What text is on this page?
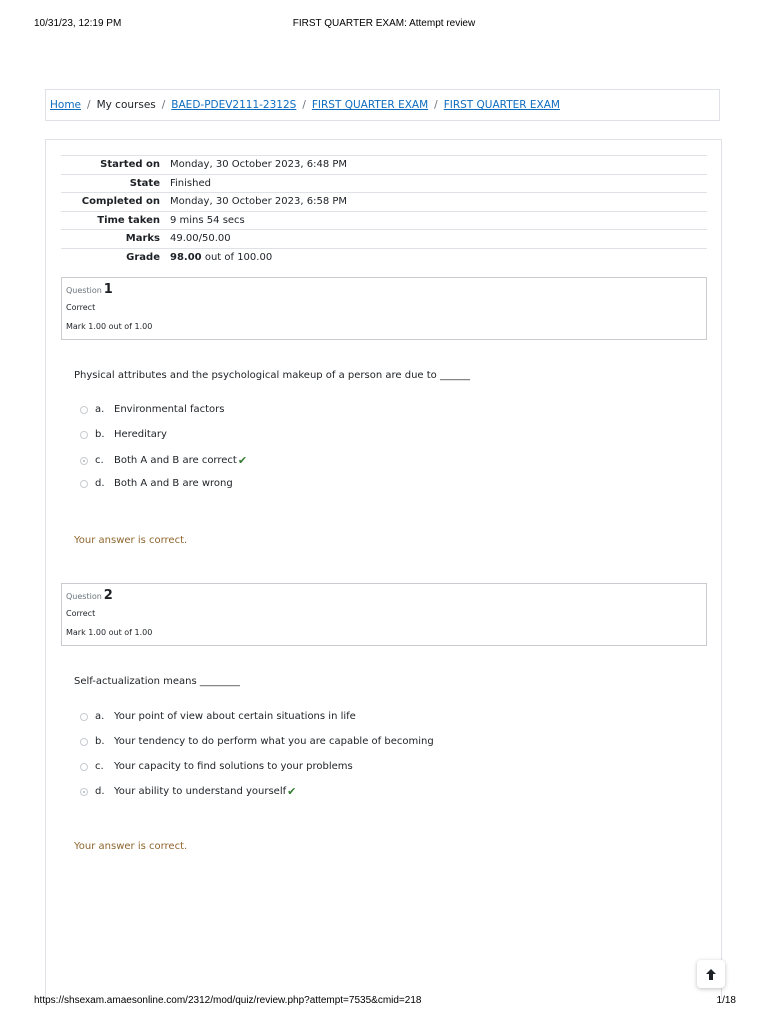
10/31/23, 12:19 PM	FIRST QUARTER EXAM: Attempt review
Home / My courses / BAED-PDEV2111-2312S / FIRST QUARTER EXAM / FIRST QUARTER EXAM
Started on	Monday, 30 October 2023, 6:48 PM
State	Finished
Completed on	Monday, 30 October 2023, 6:58 PM
Time taken	9 mins 54 secs
Marks	49.00/50.00
Grade	98.00 out of 100.00
Question 1
Correct
Mark 1.00 out of 1.00
Physical attributes and the psychological makeup of a person are due to ______
a. Environmental factors
b. Hereditary
c.	Both A and B are correct ✔
d. Both A and B are wrong
Your answer is correct.
Question 2
Correct
Mark 1.00 out of 1.00
Self-actualization means ________
a. Your point of view about certain situations in life
b. Your tendency to do perform what you are capable of becoming
c.	Your capacity to find solutions to your problems
d. Your ability to understand yourself ✔
Your answer is correct.
https://shsexam.amaesonline.com/2312/mod/quiz/review.php?attempt=7535&cmid=218	1/18
